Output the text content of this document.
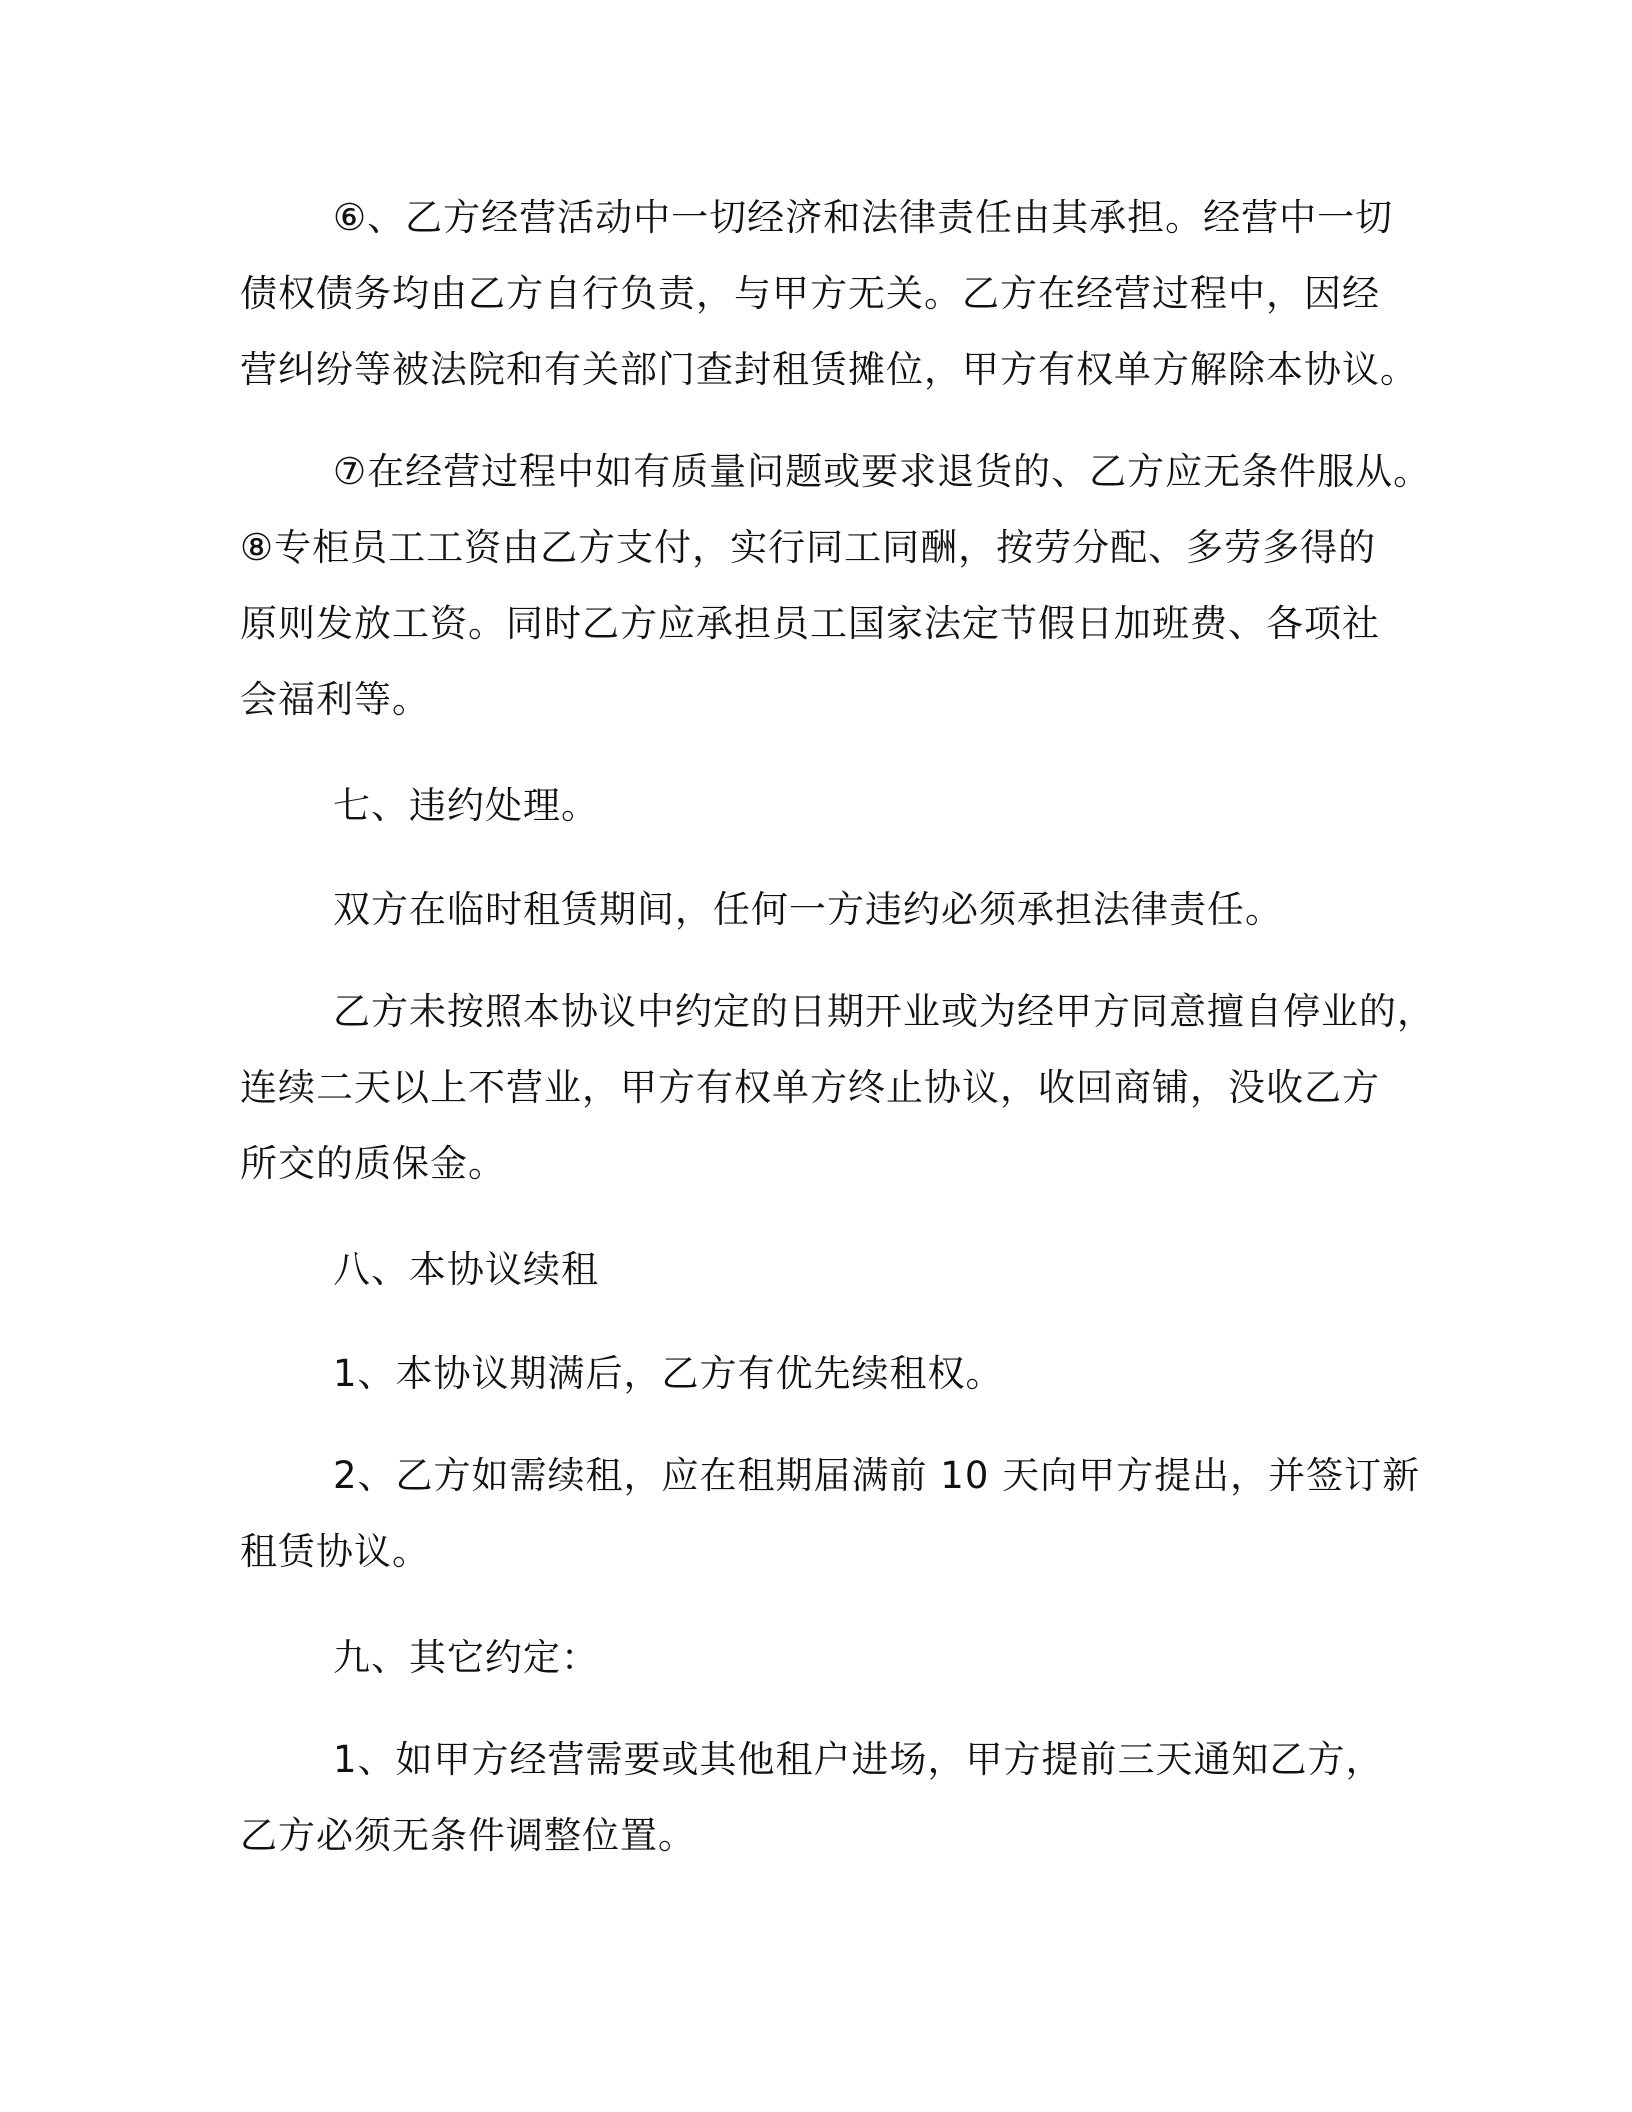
⑥、乙方经营活动中一切经济和法律责任由其承担。经营中一切

债权债务均由乙方自行负责，与甲方无关。乙方在经营过程中，因经

营纠纷等被法院和有关部门查封租赁摊位，甲方有权单方解除本协议。

⑦在经营过程中如有质量问题或要求退货的、乙方应无条件服从。

⑧专柜员工工资由乙方支付，实行同工同酬，按劳分配、多劳多得的

原则发放工资。同时乙方应承担员工国家法定节假日加班费、各项社

会福利等。

七、违约处理。

双方在临时租赁期间，任何一方违约必须承担法律责任。

乙方未按照本协议中约定的日期开业或为经甲方同意擅自停业的，

连续二天以上不营业，甲方有权单方终止协议，收回商铺，没收乙方

所交的质保金。

八、本协议续租

1、本协议期满后，乙方有优先续租权。

2、乙方如需续租，应在租期届满前 10 天向甲方提出，并签订新

租赁协议。

九、其它约定：

1、如甲方经营需要或其他租户进场，甲方提前三天通知乙方，

乙方必须无条件调整位置。
